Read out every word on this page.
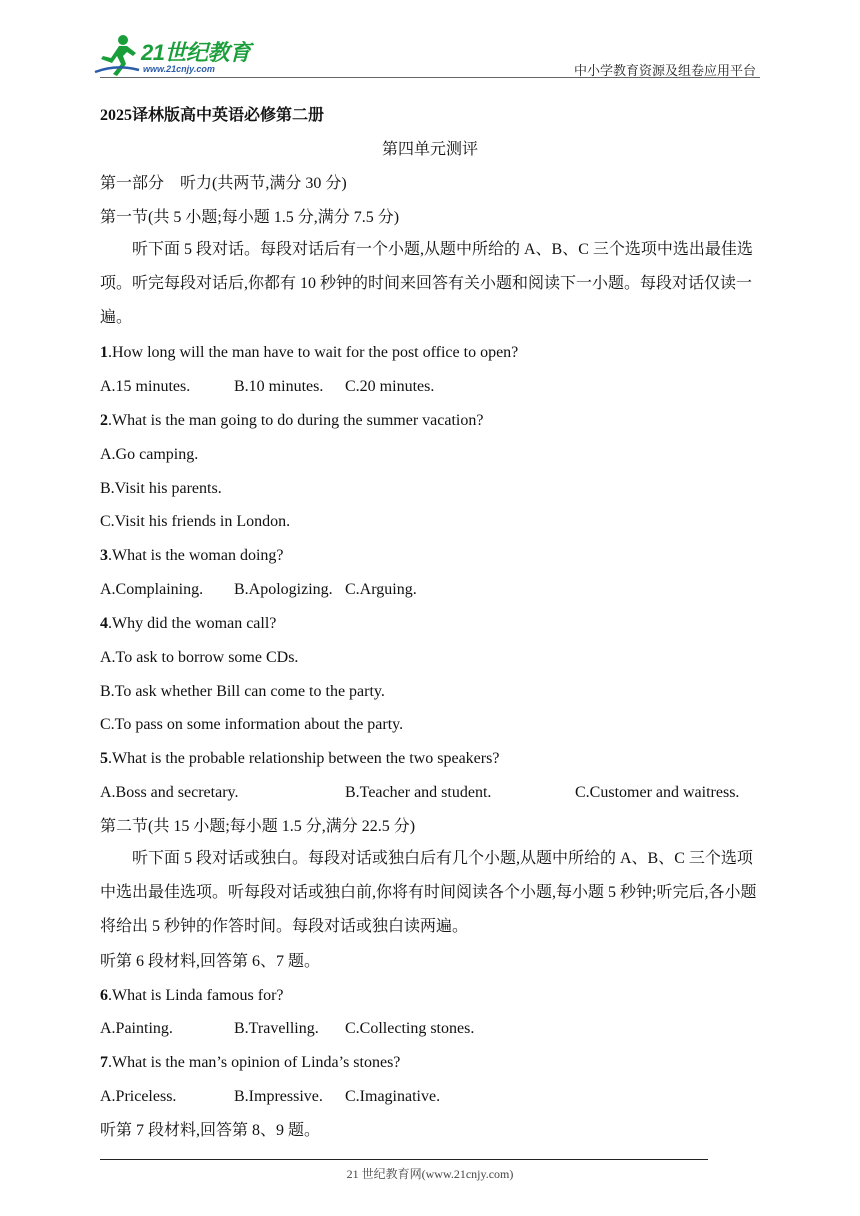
21世纪教育
www.21cnjy.com	中小学教育资源及组卷应用平台
2025译林版高中英语必修第二册
第四单元测评
第一部分　听力(共两节,满分 30 分)
第一节(共 5 小题;每小题 1.5 分,满分 7.5 分)
听下面 5 段对话。每段对话后有一个小题,从题中所给的 A、B、C 三个选项中选出最佳选项。听完每段对话后,你都有 10 秒钟的时间来回答有关小题和阅读下一小题。每段对话仅读一遍。
1.How long will the man have to wait for the post office to open?
A.15 minutes.	B.10 minutes. C.20 minutes.
2.What is the man going to do during the summer vacation?
A.Go camping.
B.Visit his parents.
C.Visit his friends in London.
3.What is the woman doing?
A.Complaining. B.Apologizing. C.Arguing.
4.Why did the woman call?
A.To ask to borrow some CDs.
B.To ask whether Bill can come to the party.
C.To pass on some information about the party.
5.What is the probable relationship between the two speakers?
A.Boss and secretary.	B.Teacher and student.	C.Customer and waitress.
第二节(共 15 小题;每小题 1.5 分,满分 22.5 分)
听下面 5 段对话或独白。每段对话或独白后有几个小题,从题中所给的 A、B、C 三个选项中选出最佳选项。听每段对话或独白前,你将有时间阅读各个小题,每小题 5 秒钟;听完后,各小题将给出 5 秒钟的作答时间。每段对话或独白读两遍。
听第 6 段材料,回答第 6、7 题。
6.What is Linda famous for?
A.Painting.	B.Travelling. C.Collecting stones.
7.What is the man’s opinion of Linda’s stones?
A.Priceless.	B.Impressive. C.Imaginative.
听第 7 段材料,回答第 8、9 题。
21 世纪教育网(www.21cnjy.com)
